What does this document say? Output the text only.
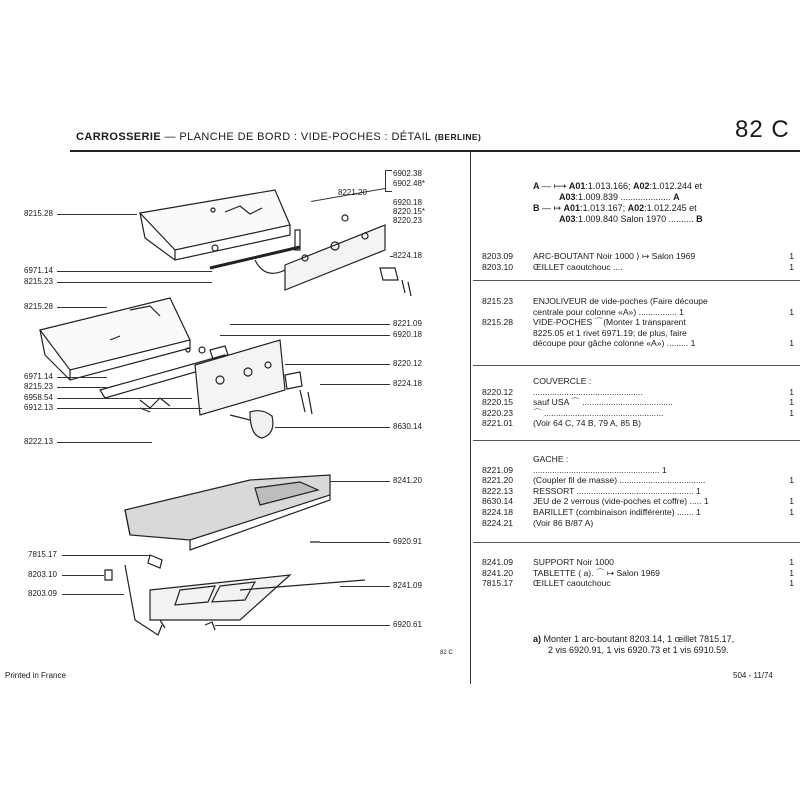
CARROSSERIE — PLANCHE DE BORD : VIDE-POCHES : DÉTAIL (BERLINE)	82 C
8215.28
6971.14
8215.23
8215.28
6971.14
8215.23
6958.54
6912.13
8222.13
7815.17
8203.10
8203.09
6902.38
6902.48*
8221.20
6920.18
8220.15*
8220.23
8224.18
8221.09
6920.18
8220.12
8224.18
8630.14
8241.20
6920.91
8241.09
6920.61
82 C
A — ⟼ A01:1.013.166; A02:1.012.244 et
A03:1.009.839 .................... A
B — ↦ A01:1.013.167; A02:1.012.245 et
A03:1.009.840 Salon 1970 .......... B
8203.09	ARC-BOUTANT Noir 1000 ⟩ ↦ Salon 1969	1
8203.10	ŒILLET caoutchouc ....	1
8215.23	ENJOLIVEUR de vide-poches (Faire découpe
centrale pour colonne «A») ................ 1	1
8215.28	VIDE-POCHES ⌒(Monter 1 transparent
8225.05 et 1 rivet 6971.19; de plus, faire
découpe pour gâche colonne «A») ......... 1	1
COUVERCLE :
8220.12	..............................................	1
8220.15	sauf USA ⌒ ......................................	1
8220.23	⌒ ..................................................	1
8221.01	(Voir 64 C, 74 B, 79 A, 85 B)
GACHE :
8221.09	..................................................... 1
8221.20	(Coupler fil de masse) ....................................	1
8222.13	RESSORT ................................................. 1
8630.14	JEU de 2 verrous (vide-poches et coffre) ..... 1	1
8224.18	BARILLET (combinaison indifférente) ....... 1	1
8224.21	(Voir 86 B/87 A)
8241.09	SUPPORT Noir 1000	1
8241.20	TABLETTE ( a). ⌒ ↦ Salon 1969	1
7815.17	ŒILLET caoutchouc	1
a) Monter 1 arc-boutant 8203.14, 1 œillet 7815.17,
2 vis 6920.91, 1 vis 6920.73 et 1 vis 6910.59.
Printed in France	504 - 11/74
